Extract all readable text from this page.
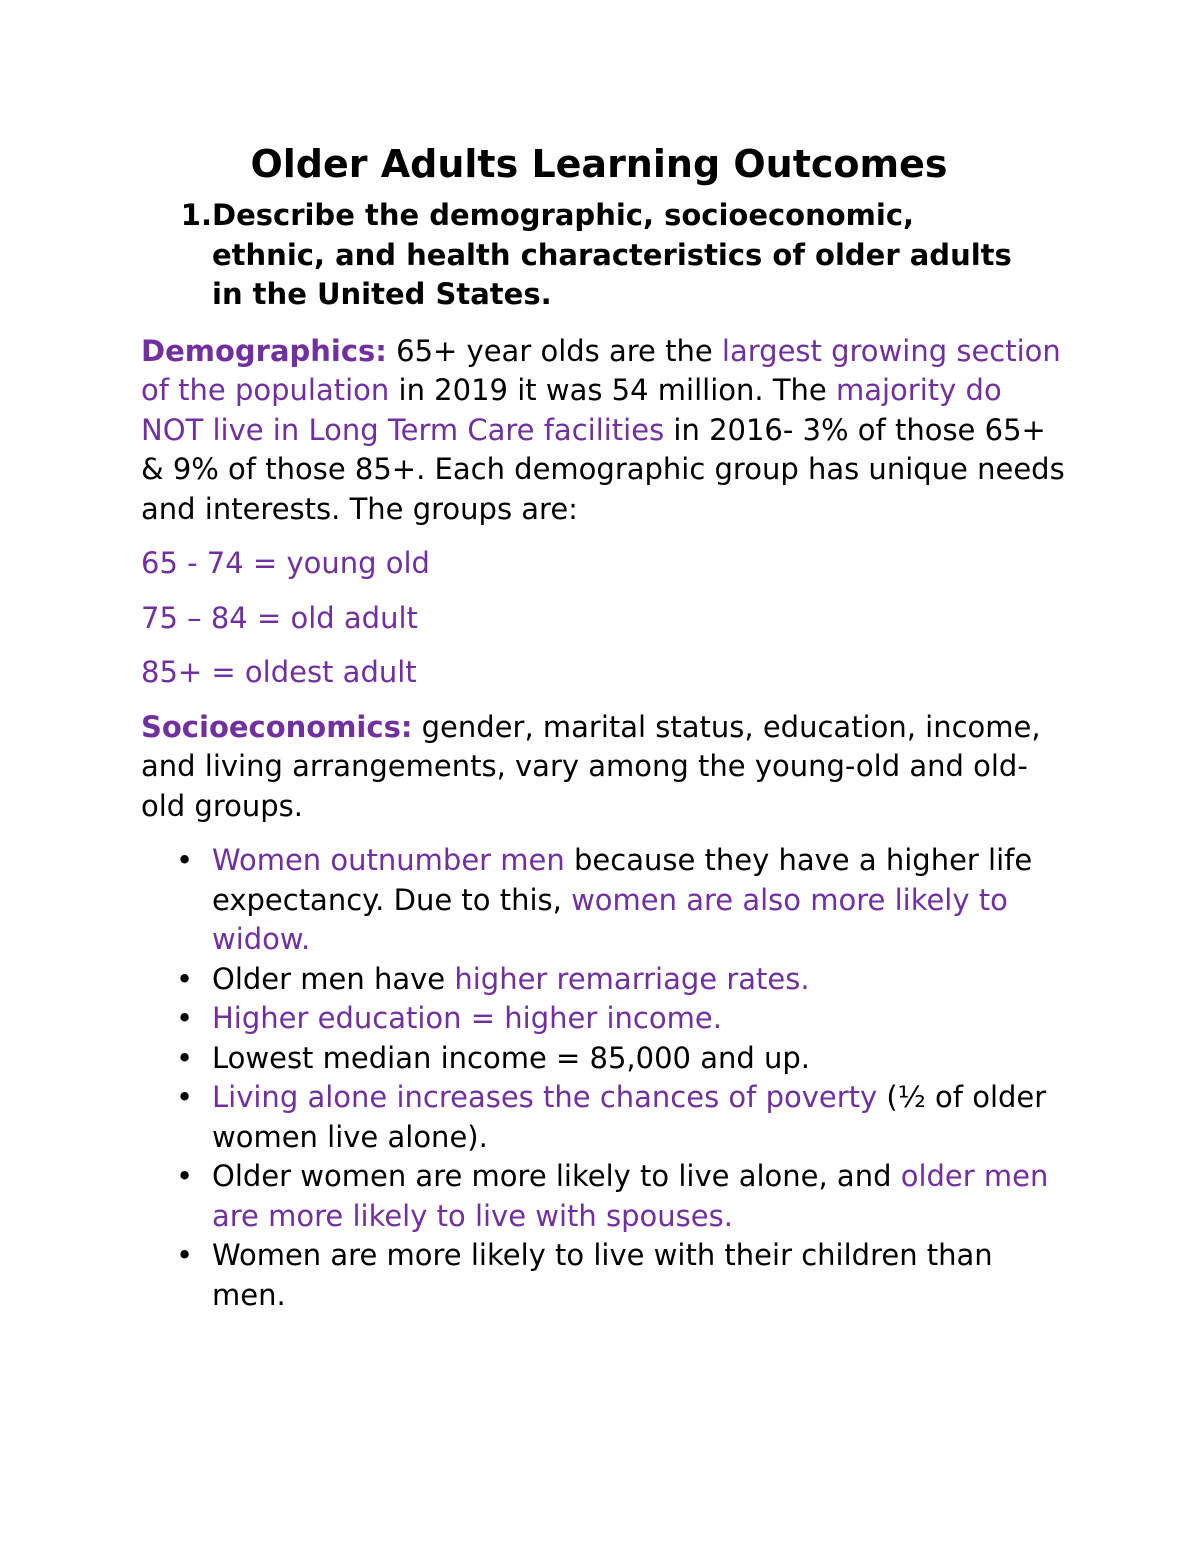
Older Adults Learning Outcomes
1. Describe the demographic, socioeconomic, ethnic, and health characteristics of older adults in the United States.

Demographics: 65+ year olds are the largest growing section of the population in 2019 it was 54 million. The majority do NOT live in Long Term Care facilities in 2016- 3% of those 65+ & 9% of those 85+. Each demographic group has unique needs and interests. The groups are:

65 - 74 = young old

75 – 84 = old adult

85+ = oldest adult

Socioeconomics: gender, marital status, education, income, and living arrangements, vary among the young-old and old-old groups.

• Women outnumber men because they have a higher life expectancy. Due to this, women are also more likely to widow.
• Older men have higher remarriage rates.
• Higher education = higher income.
• Lowest median income = 85,000 and up.
• Living alone increases the chances of poverty (½ of older women live alone).
• Older women are more likely to live alone, and older men are more likely to live with spouses.
• Women are more likely to live with their children than men.
